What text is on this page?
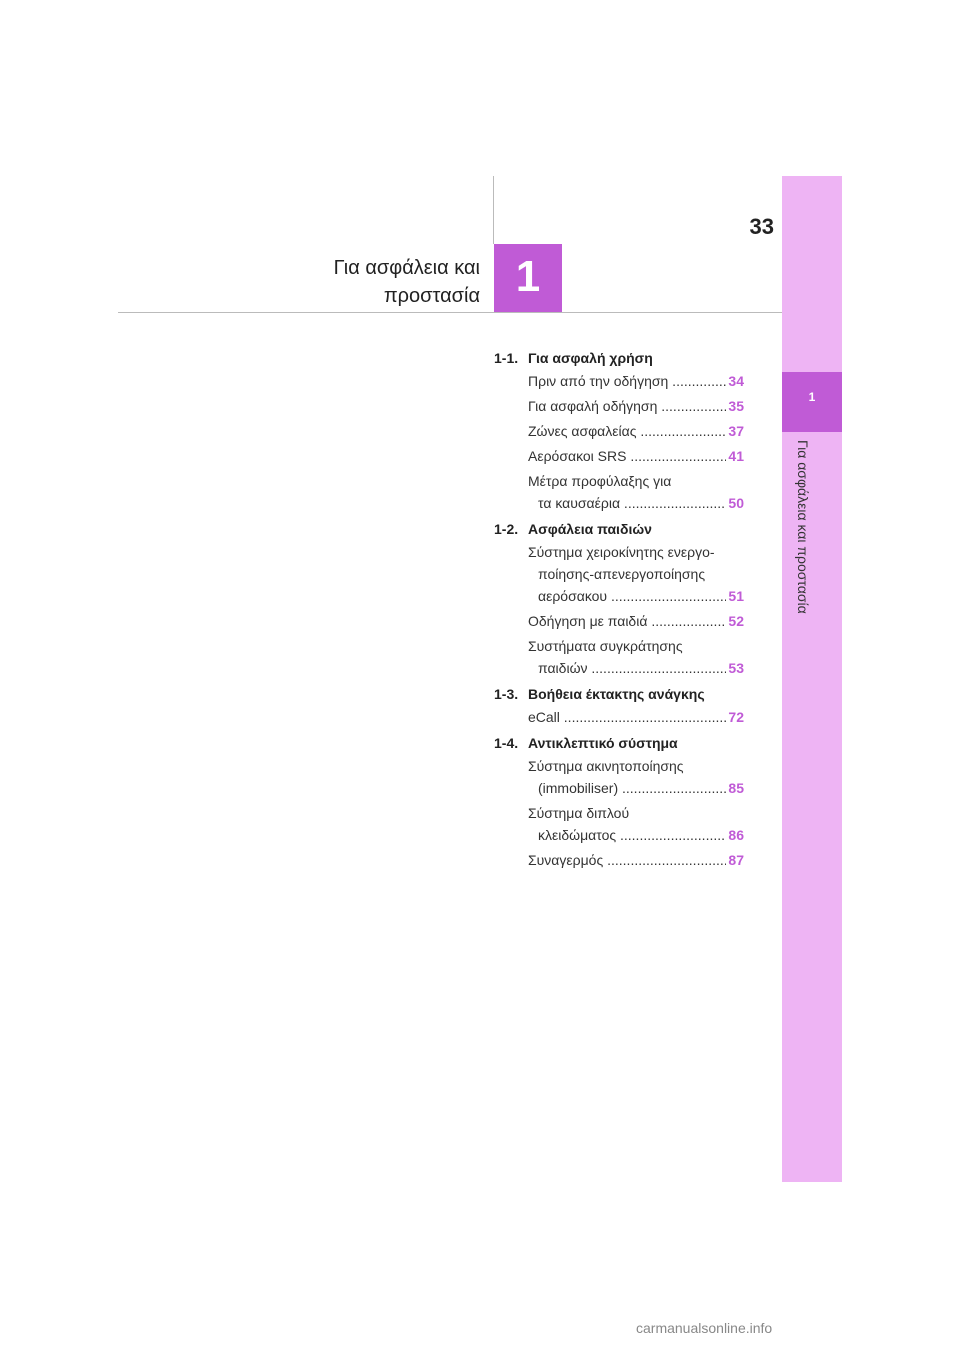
1
Για ασφάλεια και προστασία
33
1
Για ασφάλεια και
προστασία
1-1. Για ασφαλή χρήση
Πριν από την οδήγηση .....	34
Για ασφαλή οδήγηση .....	35
Ζώνες ασφαλείας .....	37
Αερόσακοι SRS .....	41
Μέτρα προφύλαξης για
τα καυσαέρια .....	50
1-2. Ασφάλεια παιδιών
Σύστημα χειροκίνητης ενεργο-
ποίησης-απενεργοποίησης
αερόσακου .....	51
Οδήγηση με παιδιά .....	52
Συστήματα συγκράτησης
παιδιών .....	53
1-3. Βοήθεια έκτακτης ανάγκης
eCall .....	72
1-4. Αντικλεπτικό σύστημα
Σύστημα ακινητοποίησης
(immobiliser) .....	85
Σύστημα διπλού
κλειδώματος .....	86
Συναγερμός .....	87
carmanualsonline.info
